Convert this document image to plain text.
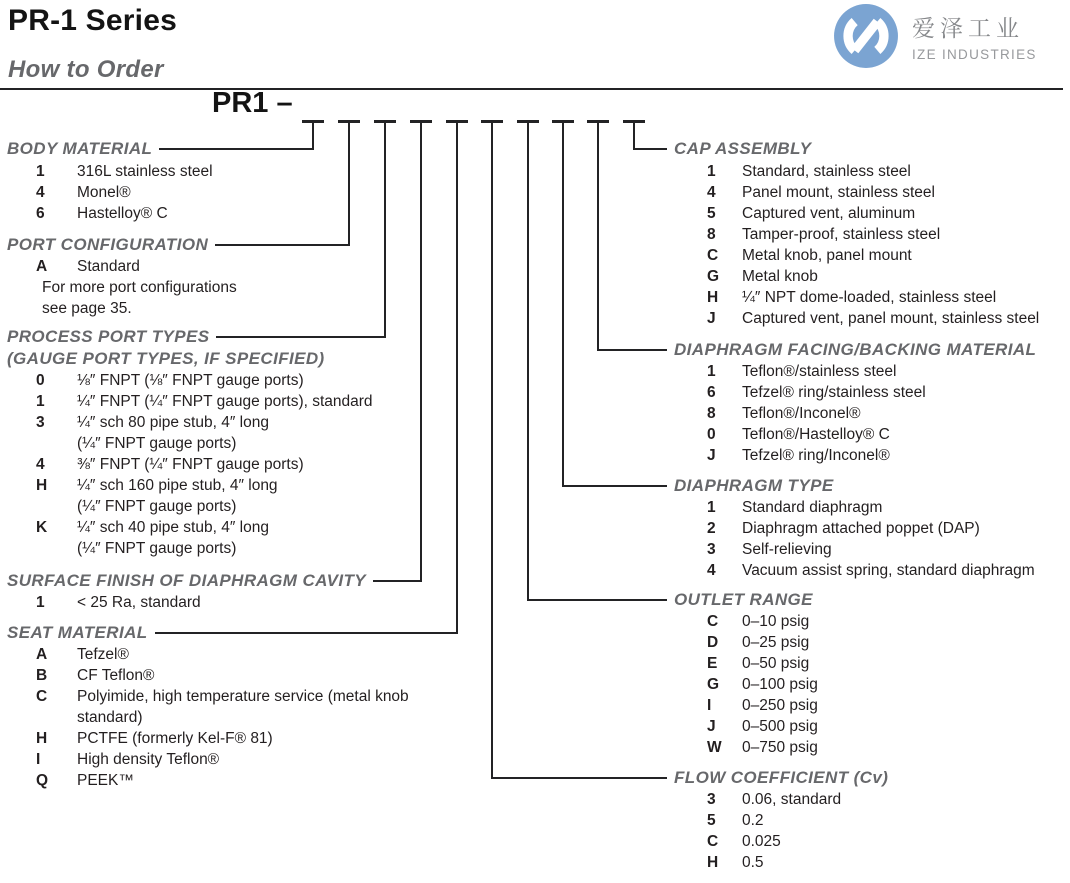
PR-1 Series	爱泽工业
IZE INDUSTRIES
How to Order
PR1 –
BODY MATERIAL
1	316L stainless steel
4	Monel®
6	Hastelloy® C
PORT CONFIGURATION
A	Standard
For more port configurations
see page 35.
PROCESS PORT TYPES
(GAUGE PORT TYPES, IF SPECIFIED)
0	⅛″ FNPT (⅛″ FNPT gauge ports)
1	¼″ FNPT (¼″ FNPT gauge ports), standard
3	¼″ sch 80 pipe stub, 4″ long
(¼″ FNPT gauge ports)
4	⅜″ FNPT (¼″ FNPT gauge ports)
H	¼″ sch 160 pipe stub, 4″ long
(¼″ FNPT gauge ports)
K	¼″ sch 40 pipe stub, 4″ long
(¼″ FNPT gauge ports)
SURFACE FINISH OF DIAPHRAGM CAVITY
1	< 25 Ra, standard
SEAT MATERIAL
A	Tefzel®
B	CF Teflon®
C	Polyimide, high temperature service (metal knob
standard)
H	PCTFE (formerly Kel-F® 81)
I	High density Teflon®
Q	PEEK™
CAP ASSEMBLY
1	Standard, stainless steel
4	Panel mount, stainless steel
5	Captured vent, aluminum
8	Tamper-proof, stainless steel
C	Metal knob, panel mount
G	Metal knob
H	¼″ NPT dome-loaded, stainless steel
J	Captured vent, panel mount, stainless steel
DIAPHRAGM FACING/BACKING MATERIAL
1	Teflon®/stainless steel
6	Tefzel® ring/stainless steel
8	Teflon®/Inconel®
0	Teflon®/Hastelloy® C
J	Tefzel® ring/Inconel®
DIAPHRAGM TYPE
1	Standard diaphragm
2	Diaphragm attached poppet (DAP)
3	Self-relieving
4	Vacuum assist spring, standard diaphragm
OUTLET RANGE
C	0–10 psig
D	0–25 psig
E	0–50 psig
G	0–100 psig
I	0–250 psig
J	0–500 psig
W	0–750 psig
FLOW COEFFICIENT (Cv)
3	0.06, standard
5	0.2
C	0.025
H	0.5
